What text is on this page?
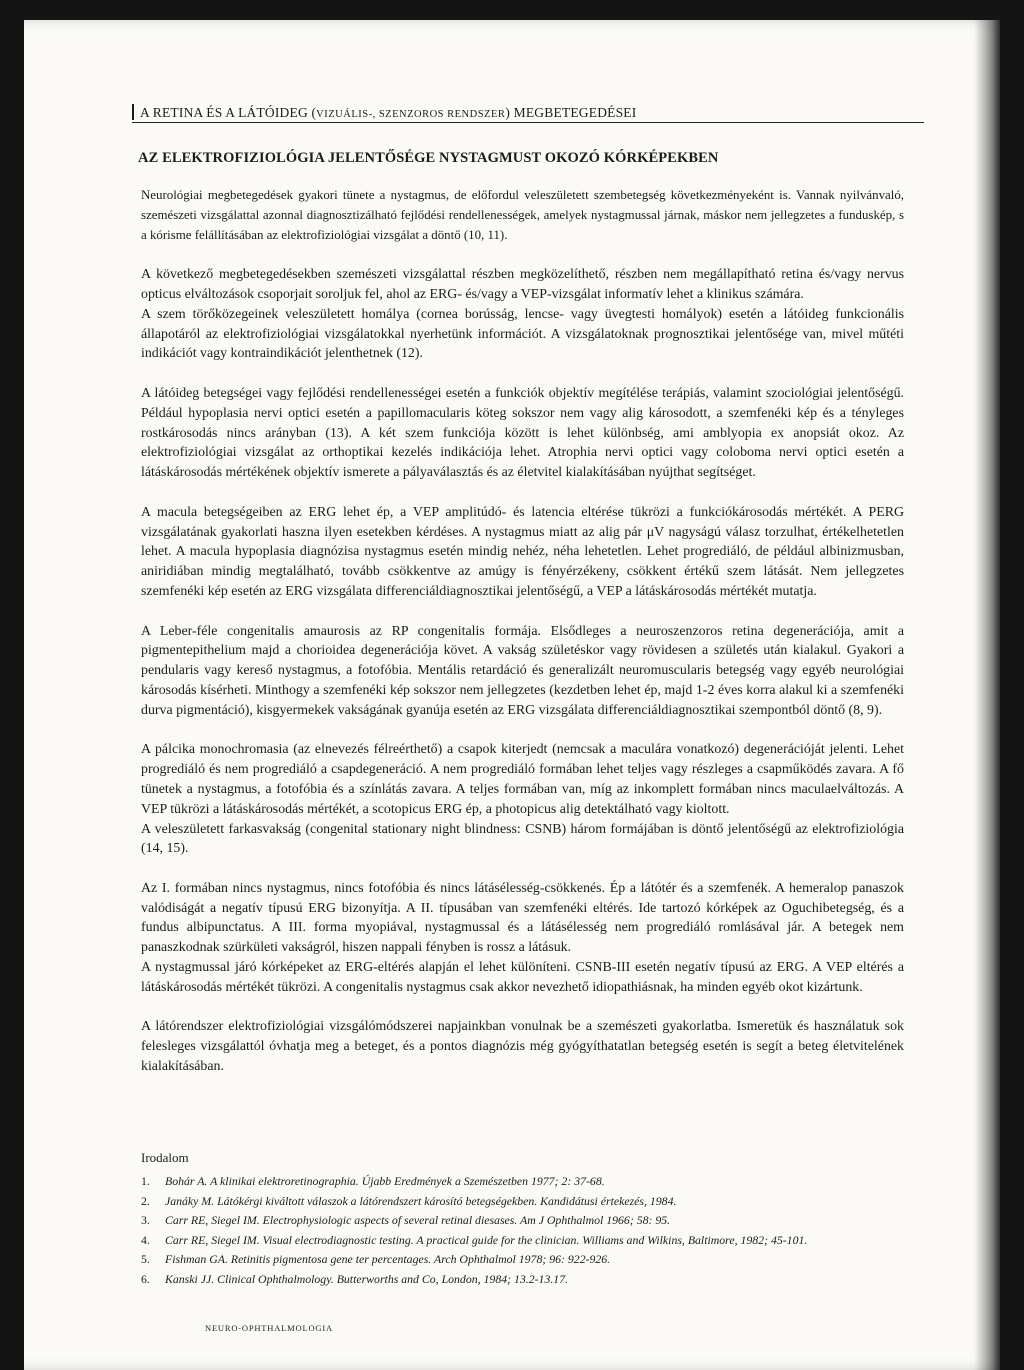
A RETINA ÉS A LÁTÓIDEG (VIZUÁLIS-, SZENZOROS RENDSZER) MEGBETEGEDÉSEI
AZ ELEKTROFIZIOLÓGIA JELENTŐSÉGE NYSTAGMUST OKOZÓ KÓRKÉPEKBEN

Neurológiai megbetegedések gyakori tünete a nystagmus, de előfordul veleszületett szembetegség következményeként is. Vannak nyilvánvaló, szemészeti vizsgálattal azonnal diagnosztizálható fejlődési rendellenességek, amelyek nystagmussal járnak, máskor nem jellegzetes a funduskép, s a kórisme felállításában az elektrofiziológiai vizsgálat a döntő (10, 11).

A következő megbetegedésekben szemészeti vizsgálattal részben megközelíthető, részben nem megállapítható retina és/vagy nervus opticus elváltozások csoporjait soroljuk fel, ahol az ERG- és/vagy a VEP-vizsgálat informatív lehet a klinikus számára.

A szem törőközegeinek veleszületett homálya (cornea borússág, lencse- vagy üvegtesti homályok) esetén a látóideg funkcionális állapotáról az elektrofiziológiai vizsgálatokkal nyerhetünk információt. A vizsgálatoknak prognosztikai jelentősége van, mivel műtéti indikációt vagy kontraindikációt jelenthetnek (12).

A látóideg betegségei vagy fejlődési rendellenességei esetén a funkciók objektív megítélése terápiás, valamint szociológiai jelentőségű. Például hypoplasia nervi optici esetén a papillomacularis köteg sokszor nem vagy alig károsodott, a szemfenéki kép és a tényleges rostkárosodás nincs arányban (13). A két szem funkciója között is lehet különbség, ami amblyopia ex anopsiát okoz. Az elektrofiziológiai vizsgálat az orthoptikai kezelés indikációja lehet. Atrophia nervi optici vagy coloboma nervi optici esetén a látáskárosodás mértékének objektív ismerete a pályaválasztás és az életvitel kialakításában nyújthat segítséget.

A macula betegségeiben az ERG lehet ép, a VEP amplitúdó- és latencia eltérése tükrözi a funkciókárosodás mértékét. A PERG vizsgálatának gyakorlati haszna ilyen esetekben kérdéses. A nystagmus miatt az alig pár μV nagyságú válasz torzulhat, értékelhetetlen lehet. A macula hypoplasia diagnózisa nystagmus esetén mindig nehéz, néha lehetetlen. Lehet progrediáló, de például albinizmusban, aniridiában mindig megtalálható, tovább csökkentve az amúgy is fényérzékeny, csökkent értékű szem látását. Nem jellegzetes szemfenéki kép esetén az ERG vizsgálata differenciáldiagnosztikai jelentőségű, a VEP a látáskárosodás mértékét mutatja.

A Leber-féle congenitalis amaurosis az RP congenitalis formája. Elsődleges a neuroszenzoros retina degenerációja, amit a pigmentepithelium majd a chorioidea degenerációja követ. A vakság születéskor vagy rövidesen a születés után kialakul. Gyakori a pendularis vagy kereső nystagmus, a fotofóbia. Mentális retardáció és generalizált neuromuscularis betegség vagy egyéb neurológiai károsodás kísérheti. Minthogy a szemfenéki kép sokszor nem jellegzetes (kezdetben lehet ép, majd 1-2 éves korra alakul ki a szemfenéki durva pigmentáció), kisgyermekek vakságának gyanúja esetén az ERG vizsgálata differenciáldiagnosztikai szempontból döntő (8, 9).

A pálcika monochromasia (az elnevezés félreérthető) a csapok kiterjedt (nemcsak a maculára vonatkozó) degenerációját jelenti. Lehet progrediáló és nem progrediáló a csapdegeneráció. A nem progrediáló formában lehet teljes vagy részleges a csapműködés zavara. A fő tünetek a nystagmus, a fotofóbia és a színlátás zavara. A teljes formában van, míg az inkomplett formában nincs maculaelváltozás. A VEP tükrözi a látáskárosodás mértékét, a scotopicus ERG ép, a photopicus alig detektálható vagy kioltott.

A veleszületett farkasvakság (congenital stationary night blindness: CSNB) három formájában is döntő jelentőségű az elektrofiziológia (14, 15).

Az I. formában nincs nystagmus, nincs fotofóbia és nincs látásélesség-csökkenés. Ép a látótér és a szemfenék. A hemeralop panaszok valódiságát a negatív típusú ERG bizonyítja. A II. típusában van szemfenéki eltérés. Ide tartozó kórképek az Oguchibetegség, és a fundus albipunctatus. A III. forma myopiával, nystagmussal és a látásélesség nem progrediáló romlásával jár. A betegek nem panaszkodnak szürkületi vakságról, hiszen nappali fényben is rossz a látásuk.

A nystagmussal járó kórképeket az ERG-eltérés alapján el lehet különíteni. CSNB-III esetén negatív típusú az ERG. A VEP eltérés a látáskárosodás mértékét tükrözi. A congenitalis nystagmus csak akkor nevezhető idiopathiásnak, ha minden egyéb okot kizártunk.

A látórendszer elektrofiziológiai vizsgálómódszerei napjainkban vonulnak be a szemészeti gyakorlatba. Ismeretük és használatuk sok felesleges vizsgálattól óvhatja meg a beteget, és a pontos diagnózis még gyógyíthatatlan betegség esetén is segít a beteg életvitelének kialakításában.

Irodalom
1.	Bohár A. A klinikai elektroretinographia. Újabb Eredmények a Szemészetben 1977; 2: 37-68.
2.	Janáky M. Látókérgi kiváltott válaszok a látórendszert károsító betegségekben. Kandidátusi értekezés, 1984.
3.	Carr RE, Siegel IM. Electrophysiologic aspects of several retinal diesases. Am J Ophthalmol 1966; 58: 95.
4.	Carr RE, Siegel IM. Visual electrodiagnostic testing. A practical guide for the clinician. Williams and Wilkins, Baltimore, 1982; 45-101.
5.	Fishman GA. Retinitis pigmentosa gene ter percentages. Arch Ophthalmol 1978; 96: 922-926.
6.	Kanski JJ. Clinical Ophthalmology. Butterworths and Co, London, 1984; 13.2-13.17.
NEURO-OPHTHALMOLOGIA
